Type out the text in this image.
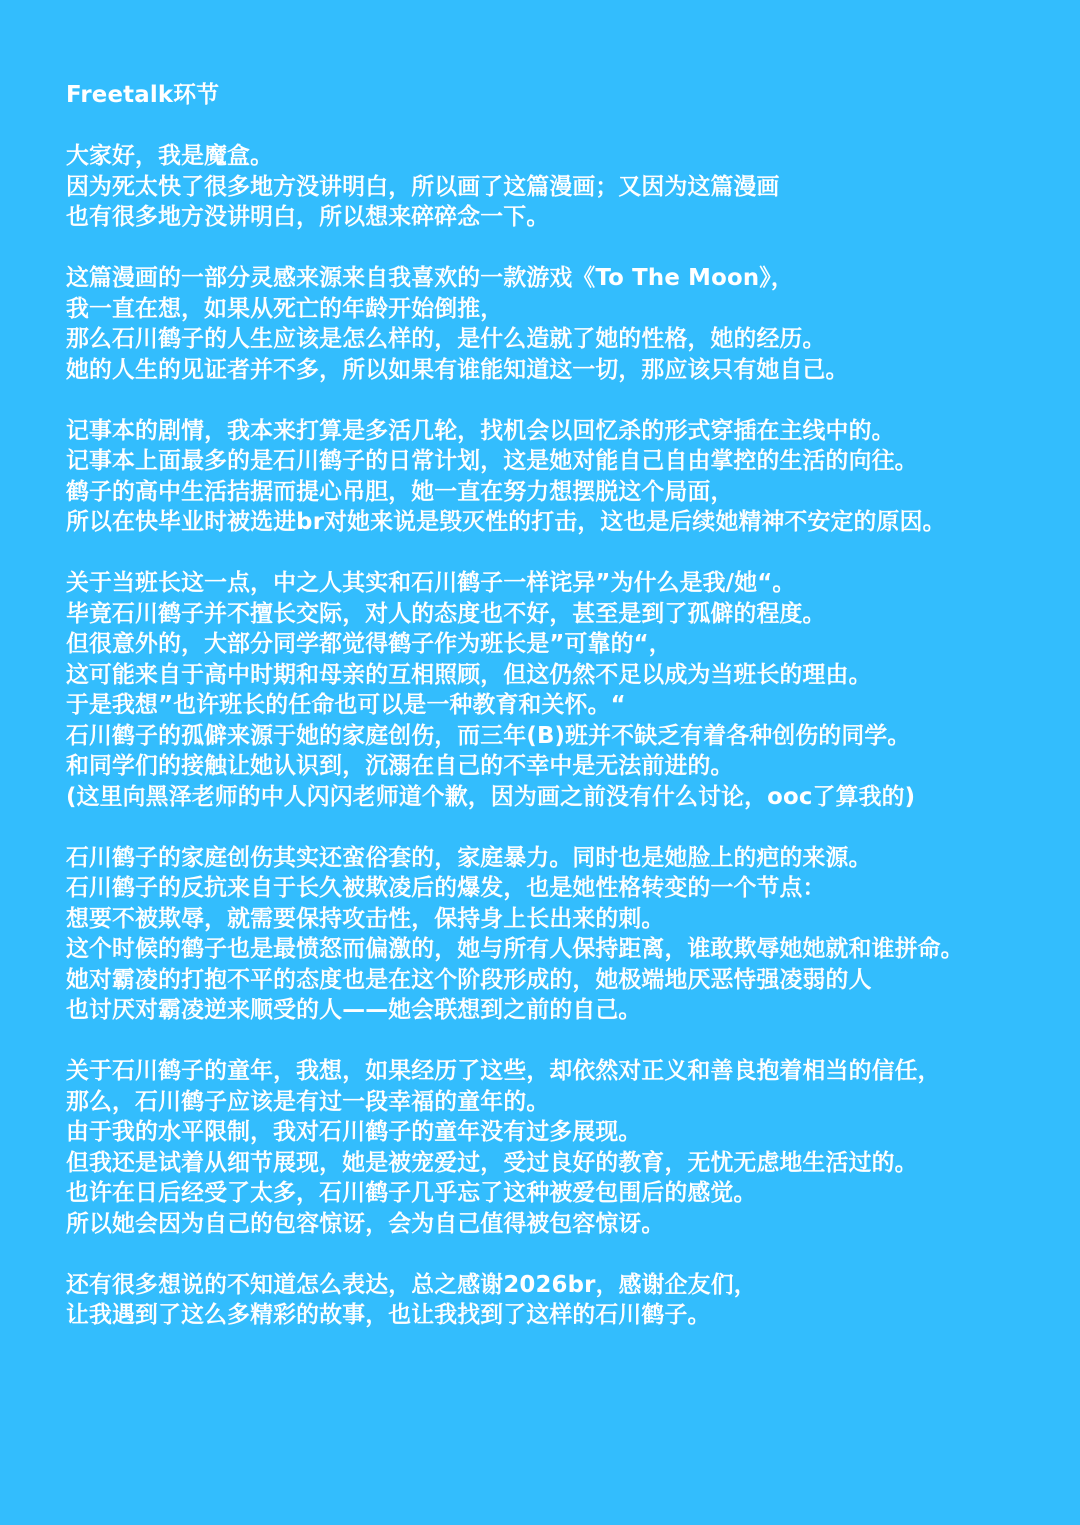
Freetalk环节
大家好，我是魔盒。
因为死太快了很多地方没讲明白，所以画了这篇漫画；又因为这篇漫画
也有很多地方没讲明白，所以想来碎碎念一下。
这篇漫画的一部分灵感来源来自我喜欢的一款游戏《To The Moon》，
我一直在想，如果从死亡的年龄开始倒推，
那么石川鹤子的人生应该是怎么样的，是什么造就了她的性格，她的经历。
她的人生的见证者并不多，所以如果有谁能知道这一切，那应该只有她自己。
记事本的剧情，我本来打算是多活几轮，找机会以回忆杀的形式穿插在主线中的。
记事本上面最多的是石川鹤子的日常计划，这是她对能自己自由掌控的生活的向往。
鹤子的高中生活拮据而提心吊胆，她一直在努力想摆脱这个局面，
所以在快毕业时被选进br对她来说是毁灭性的打击，这也是后续她精神不安定的原因。
关于当班长这一点，中之人其实和石川鹤子一样诧异”为什么是我/她“。
毕竟石川鹤子并不擅长交际，对人的态度也不好，甚至是到了孤僻的程度。
但很意外的，大部分同学都觉得鹤子作为班长是”可靠的“，
这可能来自于高中时期和母亲的互相照顾，但这仍然不足以成为当班长的理由。
于是我想”也许班长的任命也可以是一种教育和关怀。“
石川鹤子的孤僻来源于她的家庭创伤，而三年(B)班并不缺乏有着各种创伤的同学。
和同学们的接触让她认识到，沉溺在自己的不幸中是无法前进的。
(这里向黑泽老师的中人闪闪老师道个歉，因为画之前没有什么讨论，ooc了算我的)
石川鹤子的家庭创伤其实还蛮俗套的，家庭暴力。同时也是她脸上的疤的来源。
石川鹤子的反抗来自于长久被欺凌后的爆发，也是她性格转变的一个节点：
想要不被欺辱，就需要保持攻击性，保持身上长出来的刺。
这个时候的鹤子也是最愤怒而偏激的，她与所有人保持距离，谁敢欺辱她她就和谁拼命。
她对霸凌的打抱不平的态度也是在这个阶段形成的，她极端地厌恶恃强凌弱的人
也讨厌对霸凌逆来顺受的人——她会联想到之前的自己。
关于石川鹤子的童年，我想，如果经历了这些，却依然对正义和善良抱着相当的信任，
那么，石川鹤子应该是有过一段幸福的童年的。
由于我的水平限制，我对石川鹤子的童年没有过多展现。
但我还是试着从细节展现，她是被宠爱过，受过良好的教育，无忧无虑地生活过的。
也许在日后经受了太多，石川鹤子几乎忘了这种被爱包围后的感觉。
所以她会因为自己的包容惊讶，会为自己值得被包容惊讶。
还有很多想说的不知道怎么表达，总之感谢2026br，感谢企友们，
让我遇到了这么多精彩的故事，也让我找到了这样的石川鹤子。
